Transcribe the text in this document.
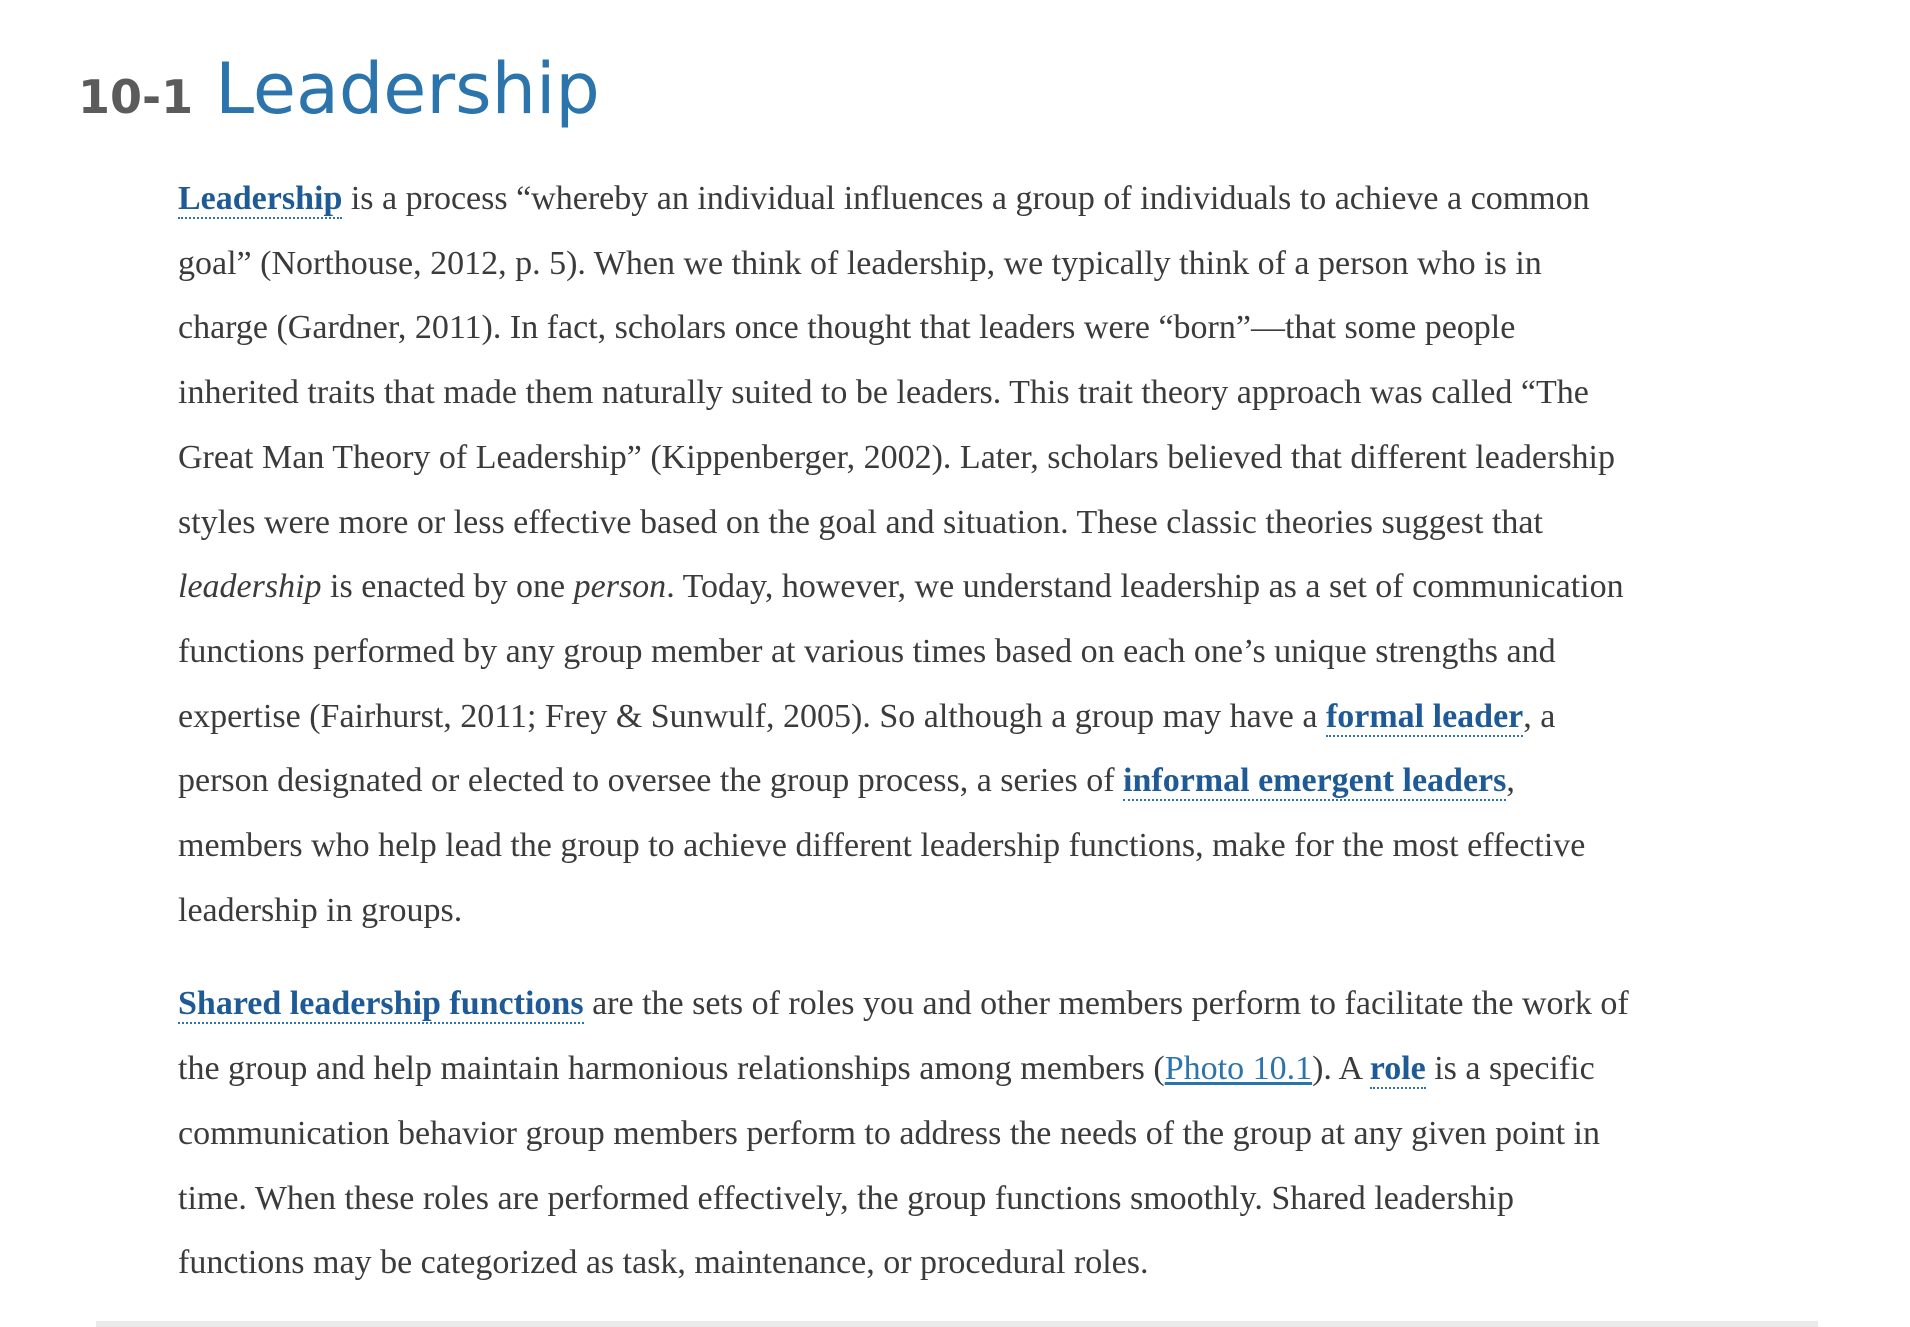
10-1 Leadership

Leadership is a process “whereby an individual influences a group of individuals to achieve a common
goal” (Northouse, 2012, p. 5). When we think of leadership, we typically think of a person who is in
charge (Gardner, 2011). In fact, scholars once thought that leaders were “born”—that some people
inherited traits that made them naturally suited to be leaders. This trait theory approach was called “The
Great Man Theory of Leadership” (Kippenberger, 2002). Later, scholars believed that different leadership
styles were more or less effective based on the goal and situation. These classic theories suggest that
leadership is enacted by one person. Today, however, we understand leadership as a set of communication
functions performed by any group member at various times based on each one’s unique strengths and
expertise (Fairhurst, 2011; Frey & Sunwulf, 2005). So although a group may have a formal leader, a
person designated or elected to oversee the group process, a series of informal emergent leaders,
members who help lead the group to achieve different leadership functions, make for the most effective
leadership in groups.

Shared leadership functions are the sets of roles you and other members perform to facilitate the work of
the group and help maintain harmonious relationships among members (Photo 10.1). A role is a specific
communication behavior group members perform to address the needs of the group at any given point in
time. When these roles are performed effectively, the group functions smoothly. Shared leadership
functions may be categorized as task, maintenance, or procedural roles.
